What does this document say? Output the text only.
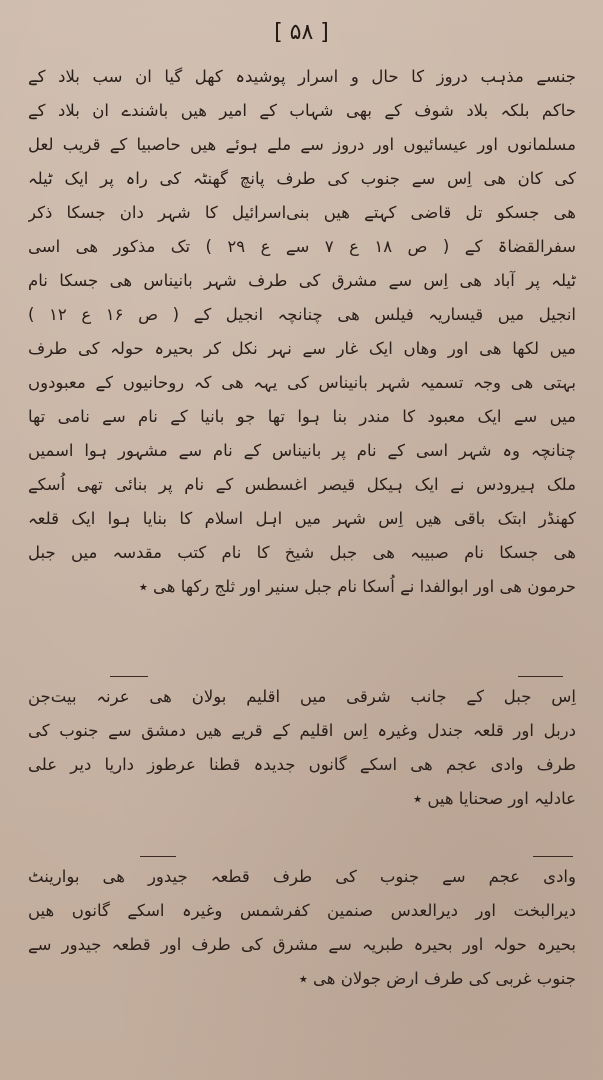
[ ۵۸ ]
جنسے مذہب دروز کا حال و اسرار پوشیدہ کھل گیا ان سب بلاد کے
حاکم بلکہ بلاد شوف کے بھی شہاب کے امیر ھیں باشندے ان بلاد کے
مسلمانوں اور عیسائیوں اور دروز سے ملے ہوئے ھیں حاصبیا کے قریب لعل
کی کان ھی اِس سے جنوب کی طرف پانچ گھنٹہ کی راہ پر ایک ٹیلہ
ھی جسکو تل قاضی کہتے ھیں بنی‌اسرائیل کا شہر دان جسکا ذکر
سفرالقضاۃ کے ( ص ۱۸ ع ۷ سے ع ۲۹ ) تک مذکور ھی اسی
ٹیلہ پر آباد ھی اِس سے مشرق کی طرف شہر بانیناس ھی جسکا نام
انجیل میں قیساریہ فیلس ھی چنانچہ انجیل کے ( ص ۱۶ ع ۱۲ )
میں لکھا ھی اور وھاں ایک غار سے نہر نکل کر بحیرہ حولہ کی طرف
بہتی ھی وجہ تسمیہ شہر بانیناس کی یہہ ھی کہ روحانیوں کے معبودوں
میں سے ایک معبود کا مندر بنا ہوا تھا جو بانیا کے نام سے نامی تھا
چنانچہ وہ شہر اسی کے نام پر بانیناس کے نام سے مشہور ہوا اسمیں
ملک ہیرودس نے ایک ہیکل قیصر اغسطس کے نام پر بنائی تھی اُسکے
کھنڈر ابتک باقی ھیں اِس شہر میں اہل اسلام کا بنایا ہوا ایک قلعہ
ھی جسکا نام صبیبہ ھی جبل شیخ کا نام کتب مقدسہ میں جبل
حرمون ھی اور ابوالفدا نے اُسکا نام جبل سنیر اور ثلج رکھا ھی ٭
اِس جبل کے جانب شرقی میں اقلیم بولان ھی عرنہ بیت‌جن
دربل اور قلعہ جندل وغیرہ اِس اقلیم کے قریے ھیں دمشق سے جنوب کی
طرف وادی عجم ھی اسکے گانوں جدیدہ قطنا عرطوز داریا دیر علی
عادلیہ اور صحنایا ھیں ٭
وادی عجم سے جنوب کی طرف قطعہ جیدور ھی بوارینٹ
دیرالبخت اور دیرالعدس صنمین کفرشمس وغیرہ اسکے گانوں ھیں
بحیرہ حولہ اور بحیرہ طبریہ سے مشرق کی طرف اور قطعہ جیدور سے
جنوب غربی کی طرف ارض جولان ھی ٭
